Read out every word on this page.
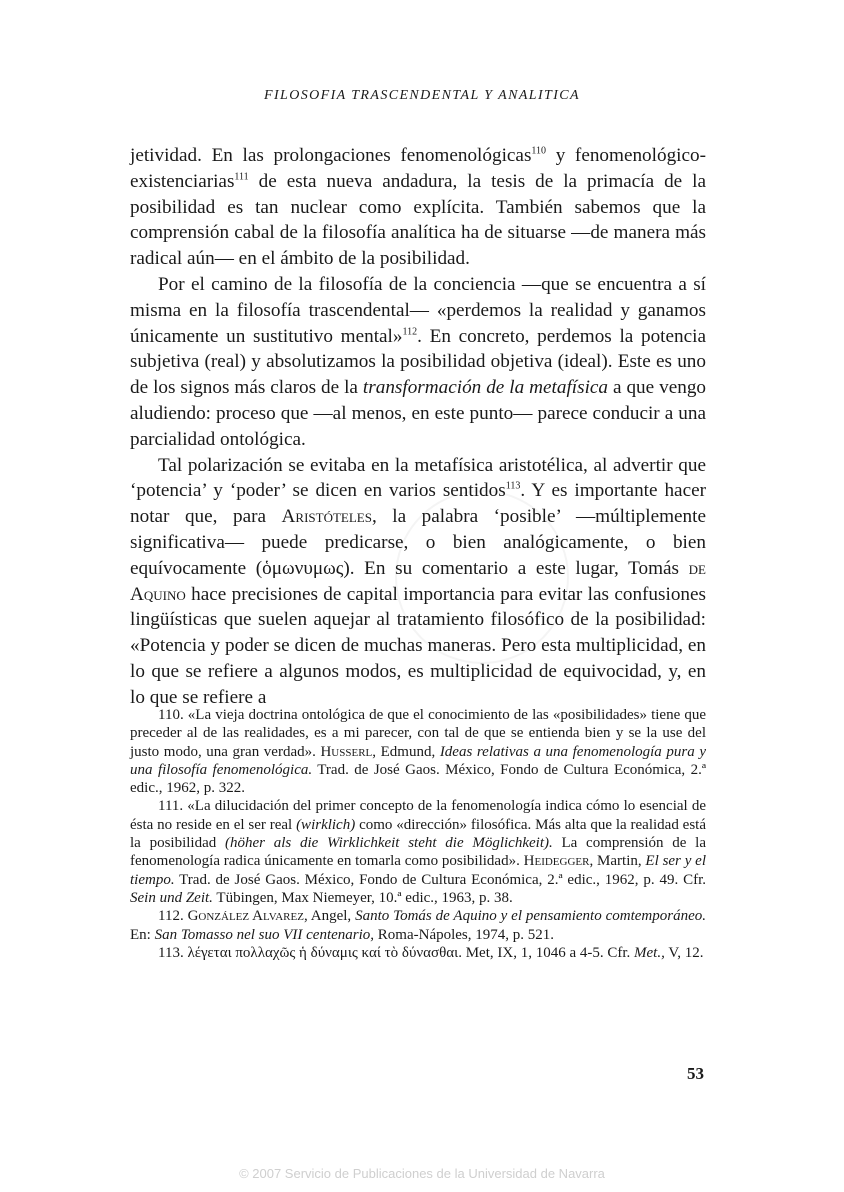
FILOSOFIA TRASCENDENTAL Y ANALITICA

jetividad. En las prolongaciones fenomenológicas$^{110}$ y fenomenológico-existenciarias$^{111}$ de esta nueva andadura, la tesis de la primacía de la posibilidad es tan nuclear como explícita. También sabemos que la comprensión cabal de la filosofía analítica ha de situarse —de manera más radical aún— en el ámbito de la posibilidad.

Por el camino de la filosofía de la conciencia —que se encuentra a sí misma en la filosofía trascendental— «perdemos la realidad y ganamos únicamente un sustitutivo mental»$^{112}$. En concreto, perdemos la potencia subjetiva (real) y absolutizamos la posibilidad objetiva (ideal). Este es uno de los signos más claros de la transformación de la metafísica a que vengo aludiendo: proceso que —al menos, en este punto— parece conducir a una parcialidad ontológica.

Tal polarización se evitaba en la metafísica aristotélica, al advertir que ‘potencia’ y ‘poder’ se dicen en varios sentidos$^{113}$. Y es importante hacer notar que, para Aristóteles, la palabra ‘posible’ —múltiplemente significativa— puede predicarse, o bien analógicamente, o bien equívocamente (ὁμωνυμως). En su comentario a este lugar, Tomás de Aquino hace precisiones de capital importancia para evitar las confusiones lingüísticas que suelen aquejar al tratamiento filosófico de la posibilidad: «Potencia y poder se dicen de muchas maneras. Pero esta multiplicidad, en lo que se refiere a algunos modos, es multiplicidad de equivocidad, y, en lo que se refiere a

110. «La vieja doctrina ontológica de que el conocimiento de las «posibilidades» tiene que preceder al de las realidades, es a mi parecer, con tal de que se entienda bien y se la use del justo modo, una gran verdad». Husserl, Edmund, Ideas relativas a una fenomenología pura y una filosofía fenomenológica. Trad. de José Gaos. México, Fondo de Cultura Económica, 2.ª edic., 1962, p. 322.

111. «La dilucidación del primer concepto de la fenomenología indica cómo lo esencial de ésta no reside en el ser real (wirklich) como «dirección» filosófica. Más alta que la realidad está la posibilidad (höher als die Wirklichkeit steht die Möglichkeit). La comprensión de la fenomenología radica únicamente en tomarla como posibilidad». Heidegger, Martin, El ser y el tiempo. Trad. de José Gaos. México, Fondo de Cultura Económica, 2.ª edic., 1962, p. 49. Cfr. Sein und Zeit. Tübingen, Max Niemeyer, 10.ª edic., 1963, p. 38.

112. González Alvarez, Angel, Santo Tomás de Aquino y el pensamiento comtemporáneo. En: San Tomasso nel suo VII centenario, Roma-Nápoles, 1974, p. 521.

113. λέγεται πολλαχῶς ἡ δύναμις καί τὸ δύνασθαι. Met, IX, 1, 1046 a 4-5. Cfr. Met., V, 12.

53
© 2007 Servicio de Publicaciones de la Universidad de Navarra
